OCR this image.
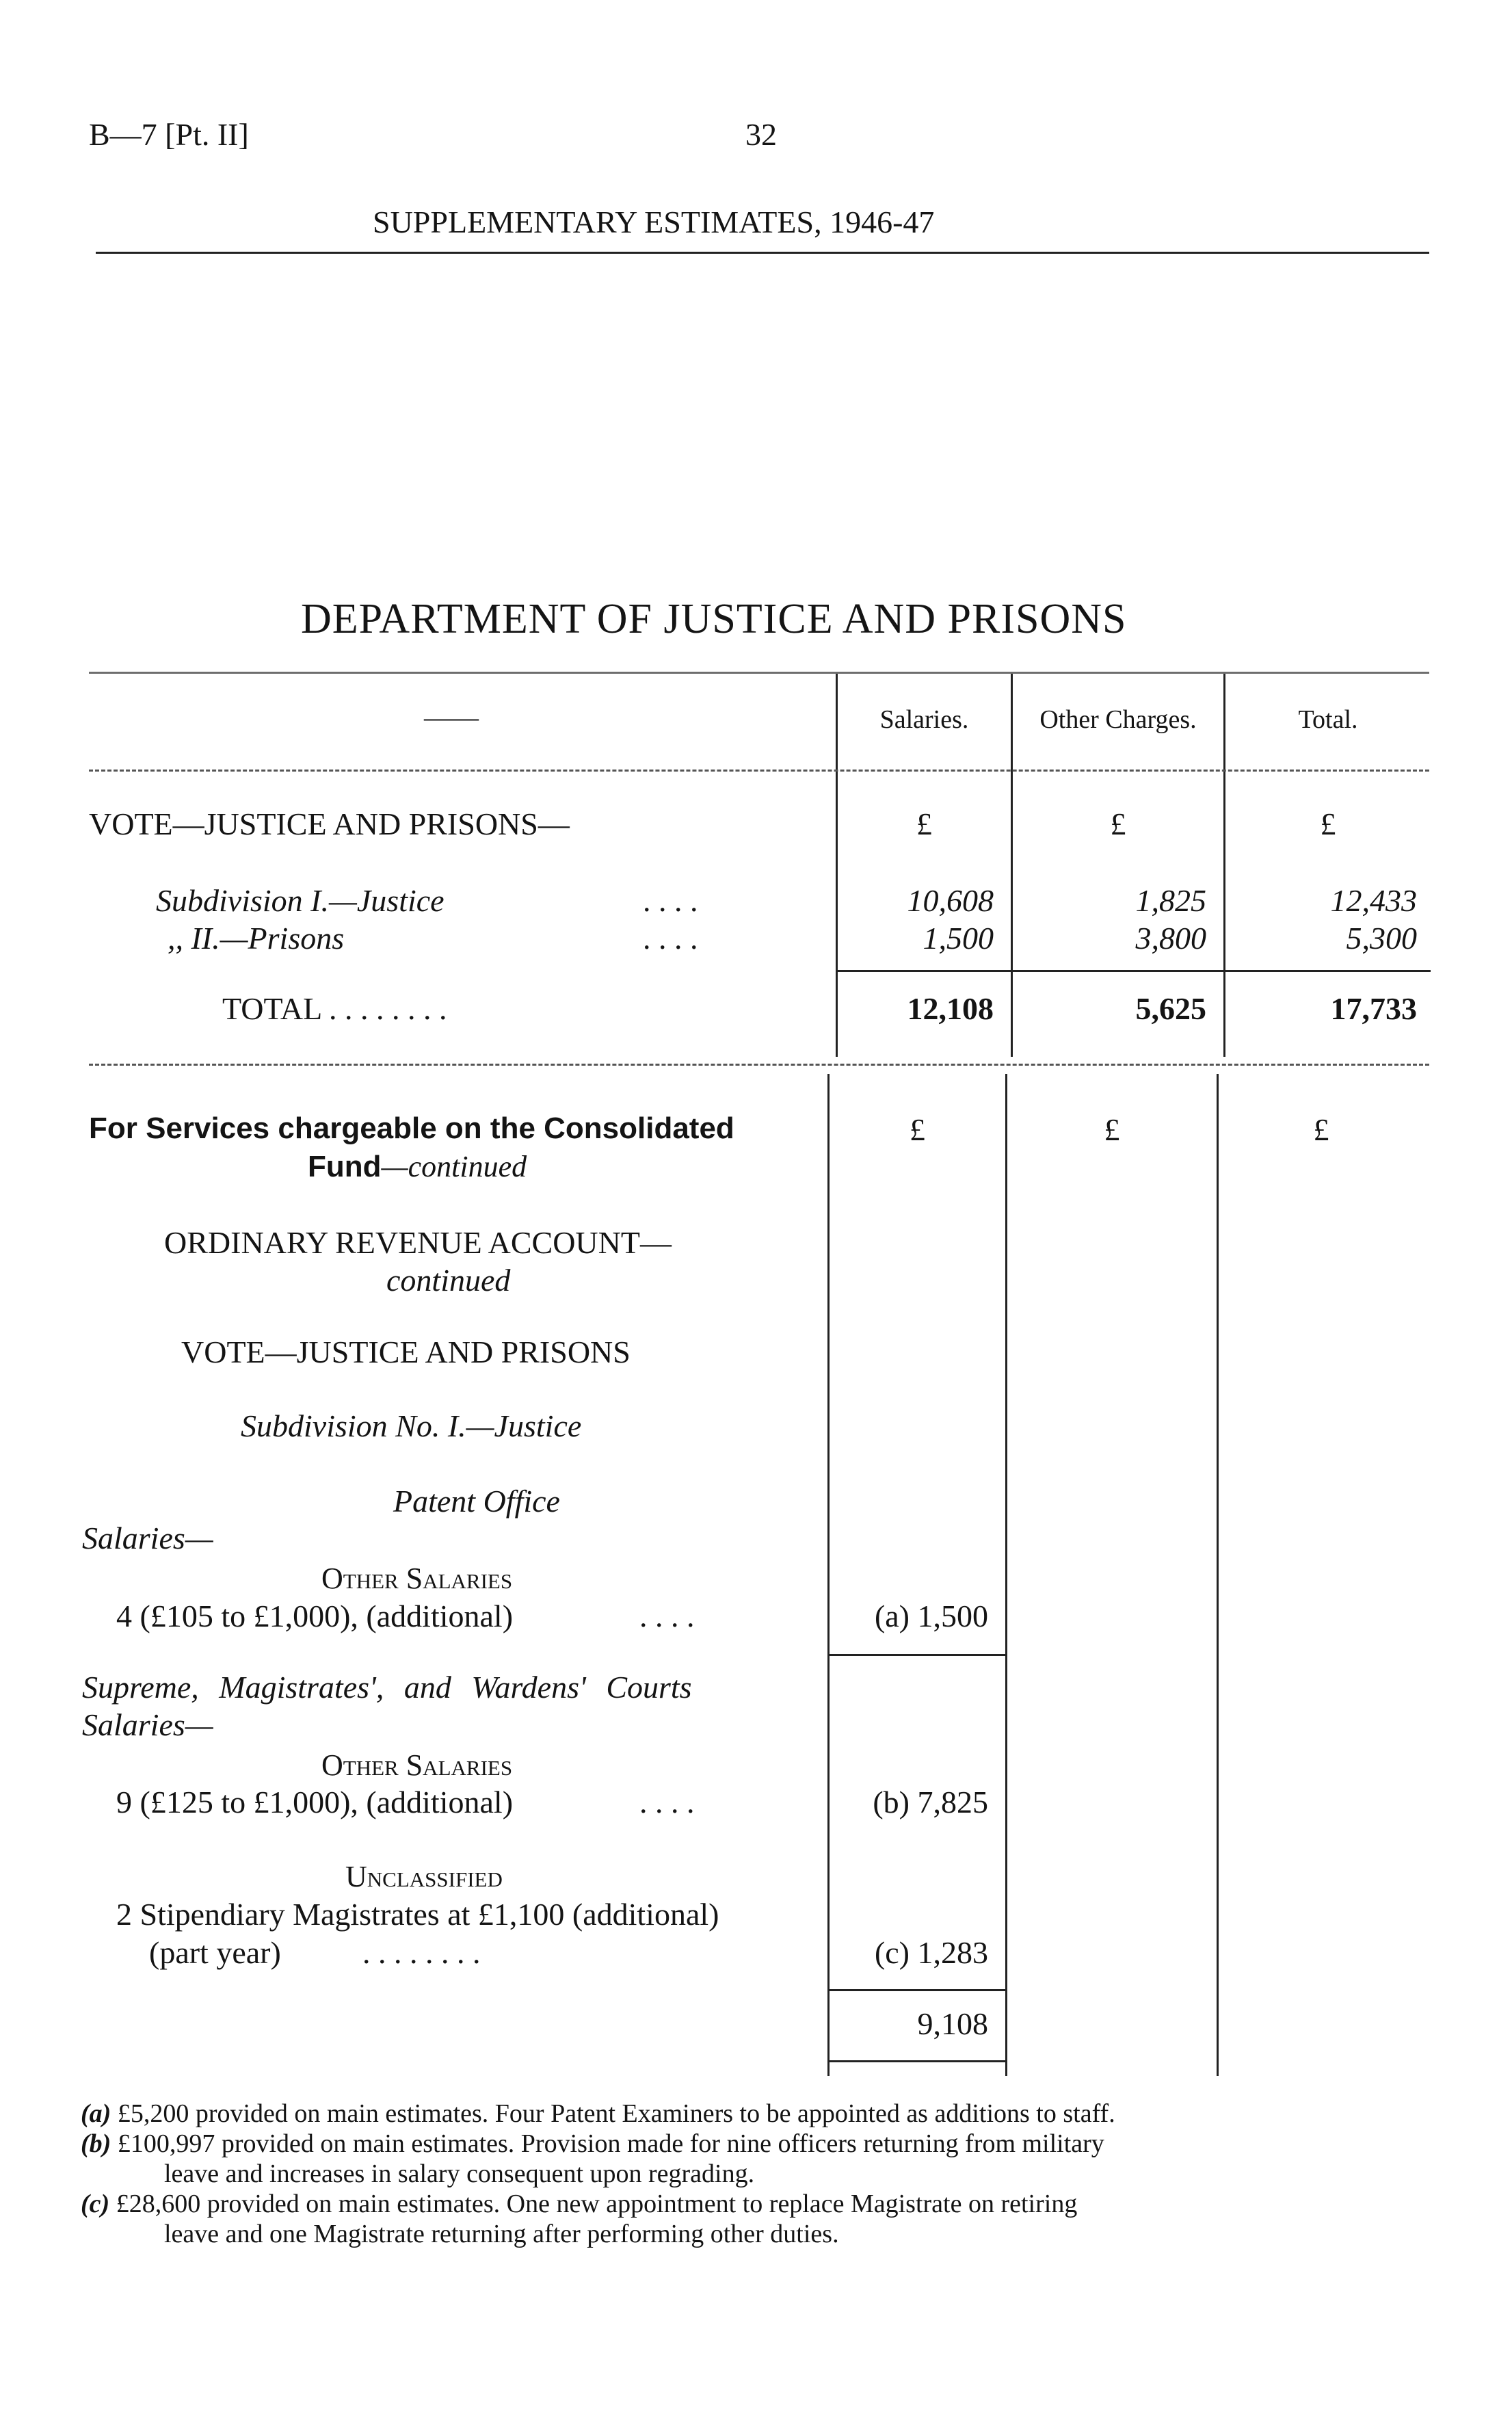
B—7 [Pt. II]	32
SUPPLEMENTARY ESTIMATES, 1946-47
DEPARTMENT OF JUSTICE AND PRISONS
——	Salaries.	Other Charges.	Total.
VOTE—JUSTICE AND PRISONS—	£	£	£
Subdivision I.—Justice	. . . .	10,608	1,825	12,433
,, II.—Prisons	. . . .	1,500	3,800	5,300
TOTAL . . . . . . . .	12,108	5,625	17,733
£	£	£
For Services chargeable on the Consolidated
Fund—continued
ORDINARY REVENUE ACCOUNT—
continued
VOTE—JUSTICE AND PRISONS
Subdivision No. I.—Justice
Patent Office
Salaries—
Other Salaries
4 (£105 to £1,000), (additional)	. . . .	(a) 1,500
Supreme, Magistrates', and Wardens' Courts
Salaries—
Other Salaries
9 (£125 to £1,000), (additional)	. . . .	(b) 7,825
Unclassified
2 Stipendiary Magistrates at £1,100 (additional)
(part year)	. . . . . . . .	(c) 1,283
9,108
(a) £5,200 provided on main estimates. Four Patent Examiners to be appointed as additions to staff.
(b) £100,997 provided on main estimates. Provision made for nine officers returning from military
leave and increases in salary consequent upon regrading.
(c) £28,600 provided on main estimates. One new appointment to replace Magistrate on retiring
leave and one Magistrate returning after performing other duties.
